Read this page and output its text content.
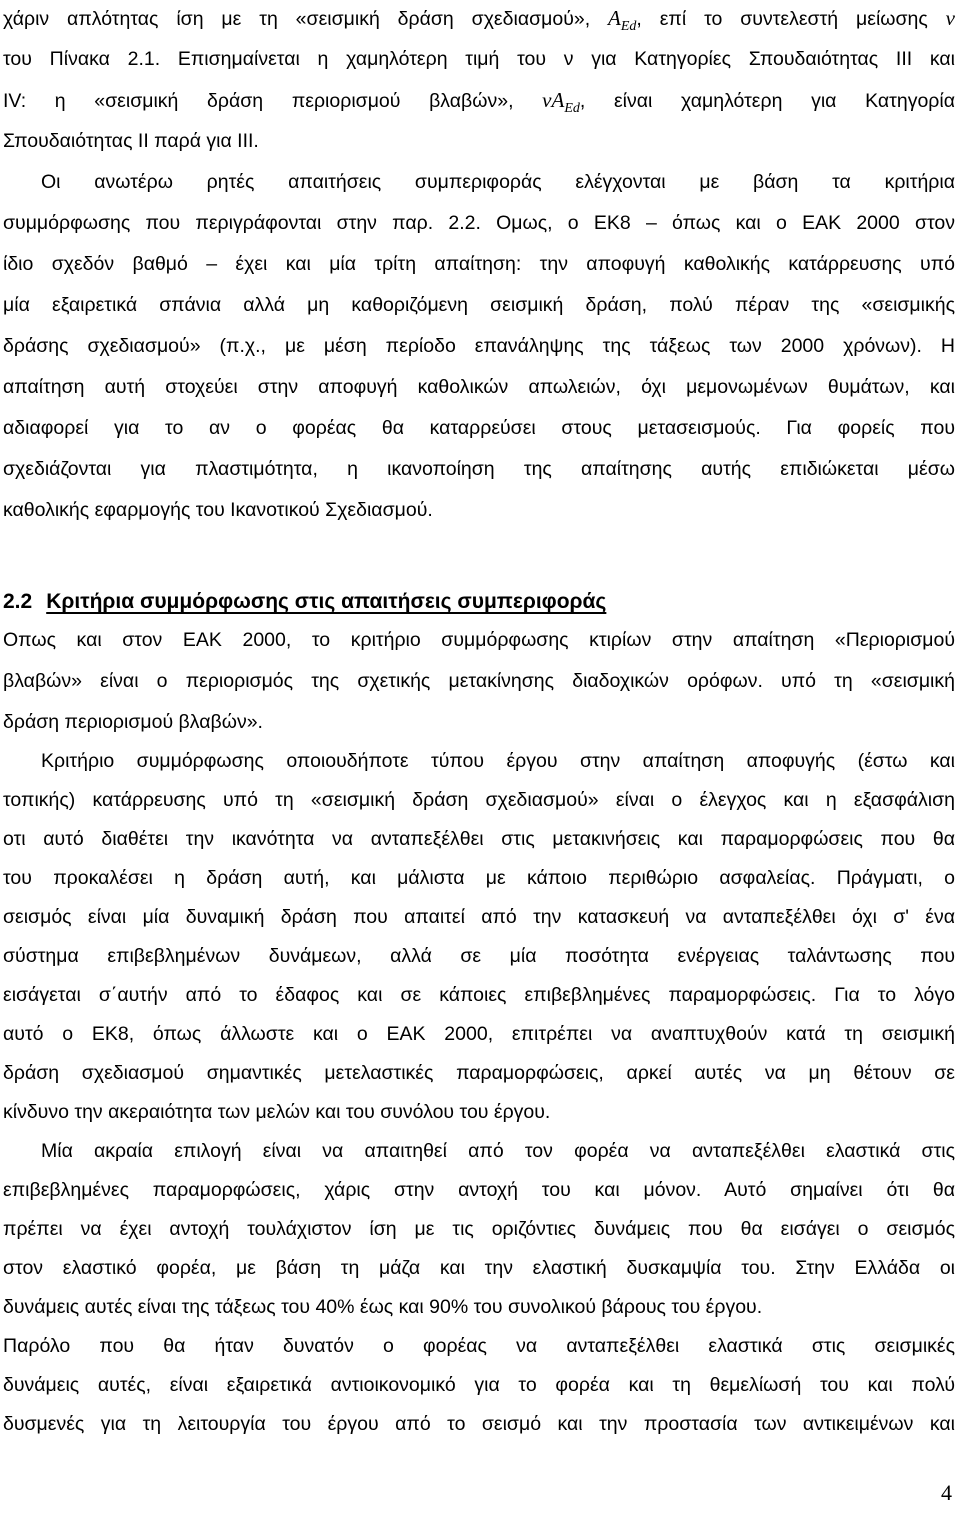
χάριν απλότητας ίση με τη «σεισμική δράση σχεδιασμού», $A_{Ed}$, επί το συντελεστή μείωσης ν
του Πίνακα 2.1. Επισημαίνεται η χαμηλότερη τιμή του ν για Κατηγορίες Σπουδαιότητας ΙΙΙ και
IV: η «σεισμική δράση περιορισμού βλαβών», $\nu A_{Ed}$, είναι χαμηλότερη για Κατηγορία
Σπουδαιότητας ΙΙ παρά για ΙΙΙ.
Οι ανωτέρω ρητές απαιτήσεις συμπεριφοράς ελέγχονται με βάση τα κριτήρια
συμμόρφωσης που περιγράφονται στην παρ. 2.2. Ομως, ο ΕΚ8 – όπως και ο ΕΑΚ 2000 στον
ίδιο σχεδόν βαθμό – έχει και μία τρίτη απαίτηση: την αποφυγή καθολικής κατάρρευσης υπό
μία εξαιρετικά σπάνια αλλά μη καθοριζόμενη σεισμική δράση, πολύ πέραν της «σεισμικής
δράσης σχεδιασμού» (π.χ., με μέση περίοδο επανάληψης της τάξεως των 2000 χρόνων). Η
απαίτηση αυτή στοχεύει στην αποφυγή καθολικών απωλειών, όχι μεμονωμένων θυμάτων, και
αδιαφορεί για το αν ο φορέας θα καταρρεύσει στους μετασεισμούς. Για φορείς που
σχεδιάζονται για πλαστιμότητα, η ικανοποίηση της απαίτησης αυτής επιδιώκεται μέσω
καθολικής εφαρμογής του Ικανοτικού Σχεδιασμού.
2.2 Κριτήρια συμμόρφωσης στις απαιτήσεις συμπεριφοράς
Οπως και στον ΕΑΚ 2000, το κριτήριο συμμόρφωσης κτιρίων στην απαίτηση «Περιορισμού
βλαβών» είναι ο περιορισμός της σχετικής μετακίνησης διαδοχικών ορόφων. υπό τη «σεισμική
δράση περιορισμού βλαβών».
Κριτήριο συμμόρφωσης οποιουδήποτε τύπου έργου στην απαίτηση αποφυγής (έστω και
τοπικής) κατάρρευσης υπό τη «σεισμική δράση σχεδιασμού» είναι ο έλεγχος και η εξασφάλιση
οτι αυτό διαθέτει την ικανότητα να ανταπεξέλθει στις μετακινήσεις και παραμορφώσεις που θα
του προκαλέσει η δράση αυτή, και μάλιστα με κάποιο περιθώριο ασφαλείας. Πράγματι, ο
σεισμός είναι μία δυναμική δράση που απαιτεί από την κατασκευή να ανταπεξέλθει όχι σ' ένα
σύστημα επιβεβλημένων δυνάμεων, αλλά σε μία ποσότητα ενέργειας ταλάντωσης που
εισάγεται σ΄αυτήν από το έδαφος και σε κάποιες επιβεβλημένες παραμορφώσεις. Για το λόγο
αυτό ο ΕΚ8, όπως άλλωστε και ο ΕΑΚ 2000, επιτρέπει να αναπτυχθούν κατά τη σεισμική
δράση σχεδιασμού σημαντικές μετελαστικές παραμορφώσεις, αρκεί αυτές να μη θέτουν σε
κίνδυνο την ακεραιότητα των μελών και του συνόλου του έργου.
Μία ακραία επιλογή είναι να απαιτηθεί από τον φορέα να ανταπεξέλθει ελαστικά στις
επιβεβλημένες παραμορφώσεις, χάρις στην αντοχή του και μόνον. Αυτό σημαίνει ότι θα
πρέπει να έχει αντοχή τουλάχιστον ίση με τις οριζόντιες δυνάμεις που θα εισάγει ο σεισμός
στον ελαστικό φορέα, με βάση τη μάζα και την ελαστική δυσκαμψία του. Στην Ελλάδα οι
δυνάμεις αυτές είναι της τάξεως του 40% έως και 90% του συνολικού βάρους του έργου.
Παρόλο που θα ήταν δυνατόν ο φορέας να ανταπεξέλθει ελαστικά στις σεισμικές
δυνάμεις αυτές, είναι εξαιρετικά αντιοικονομικό για το φορέα και τη θεμελίωσή του και πολύ
δυσμενές για τη λειτουργία του έργου από το σεισμό και την προστασία των αντικειμένων και
4
